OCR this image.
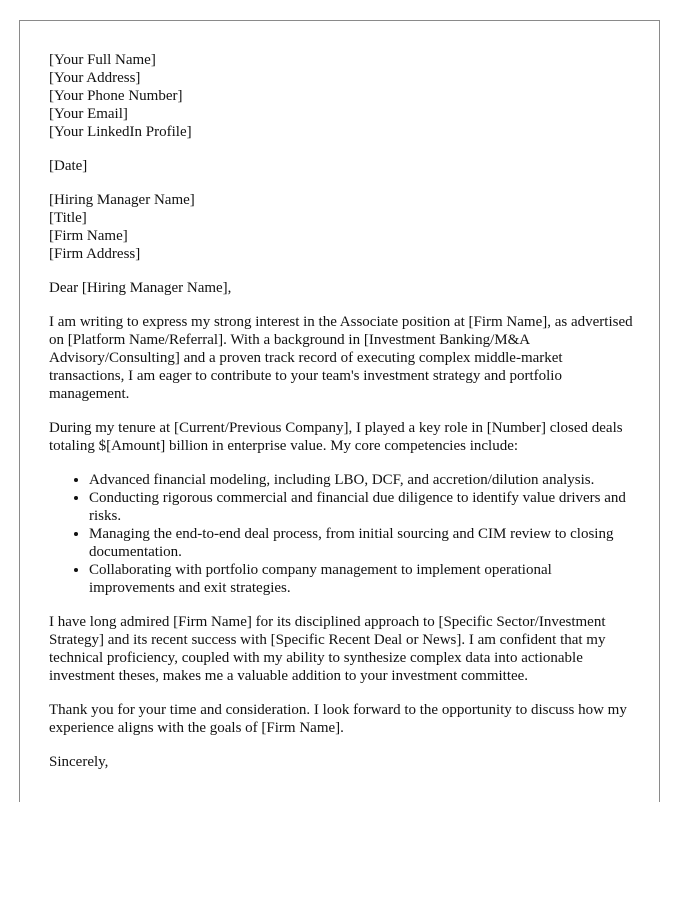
[Your Full Name]
[Your Address]
[Your Phone Number]
[Your Email]
[Your LinkedIn Profile]
[Date]
[Hiring Manager Name]
[Title]
[Firm Name]
[Firm Address]

Dear [Hiring Manager Name],

I am writing to express my strong interest in the Associate position at [Firm Name], as advertised on [Platform Name/Referral]. With a background in [Investment Banking/M&A Advisory/Consulting] and a proven track record of executing complex middle-market transactions, I am eager to contribute to your team's investment strategy and portfolio management.

During my tenure at [Current/Previous Company], I played a key role in [Number] closed deals totaling $[Amount] billion in enterprise value. My core competencies include:

• Advanced financial modeling, including LBO, DCF, and accretion/dilution analysis.
• Conducting rigorous commercial and financial due diligence to identify value drivers and risks.
• Managing the end-to-end deal process, from initial sourcing and CIM review to closing documentation.
• Collaborating with portfolio company management to implement operational improvements and exit strategies.

I have long admired [Firm Name] for its disciplined approach to [Specific Sector/Investment Strategy] and its recent success with [Specific Recent Deal or News]. I am confident that my technical proficiency, coupled with my ability to synthesize complex data into actionable investment theses, makes me a valuable addition to your investment committee.

Thank you for your time and consideration. I look forward to the opportunity to discuss how my experience aligns with the goals of [Firm Name].

Sincerely,
